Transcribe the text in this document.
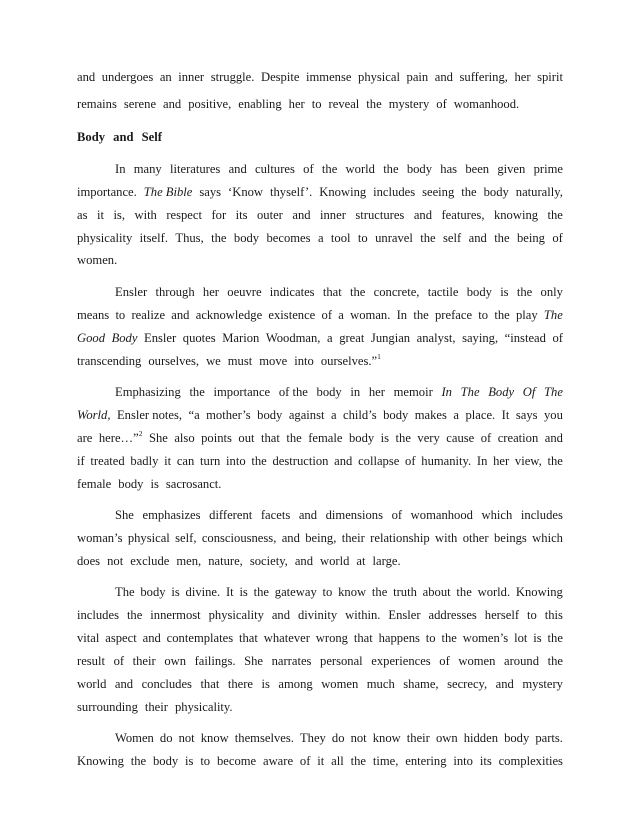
Body and Self
and undergoes an inner struggle. Despite immense physical pain and suffering, her spirit
remains serene and positive, enabling her to reveal the mystery of womanhood.
In many literatures and cultures of the world the body has been given prime
importance. The Bible says ‘Know thyself’. Knowing includes seeing the body naturally,
as it is, with respect for its outer and inner structures and features, knowing the
physicality itself. Thus, the body becomes a tool to unravel the self and the being of
women.
Ensler through her oeuvre indicates that the concrete, tactile body is the only
means to realize and acknowledge existence of a woman. In the preface to the play The
Good Body Ensler quotes Marion Woodman, a great Jungian analyst, saying, “instead of
transcending ourselves, we must move into ourselves.”$^1$
Emphasizing the importance of the body in her memoir In The Body Of The
World, Ensler notes, “a mother’s body against a child’s body makes a place. It says you
are here…”$^2$ She also points out that the female body is the very cause of creation and
if treated badly it can turn into the destruction and collapse of humanity. In her view, the
female body is sacrosanct.
She emphasizes different facets and dimensions of womanhood which includes
woman’s physical self, consciousness, and being, their relationship with other beings which
does not exclude men, nature, society, and world at large.
The body is divine. It is the gateway to know the truth about the world. Knowing
includes the innermost physicality and divinity within. Ensler addresses herself to this
vital aspect and contemplates that whatever wrong that happens to the women’s lot is the
result of their own failings. She narrates personal experiences of women around the
world and concludes that there is among women much shame, secrecy, and mystery
surrounding their physicality.
Women do not know themselves. They do not know their own hidden body parts.
Knowing the body is to become aware of it all the time, entering into its complexities
